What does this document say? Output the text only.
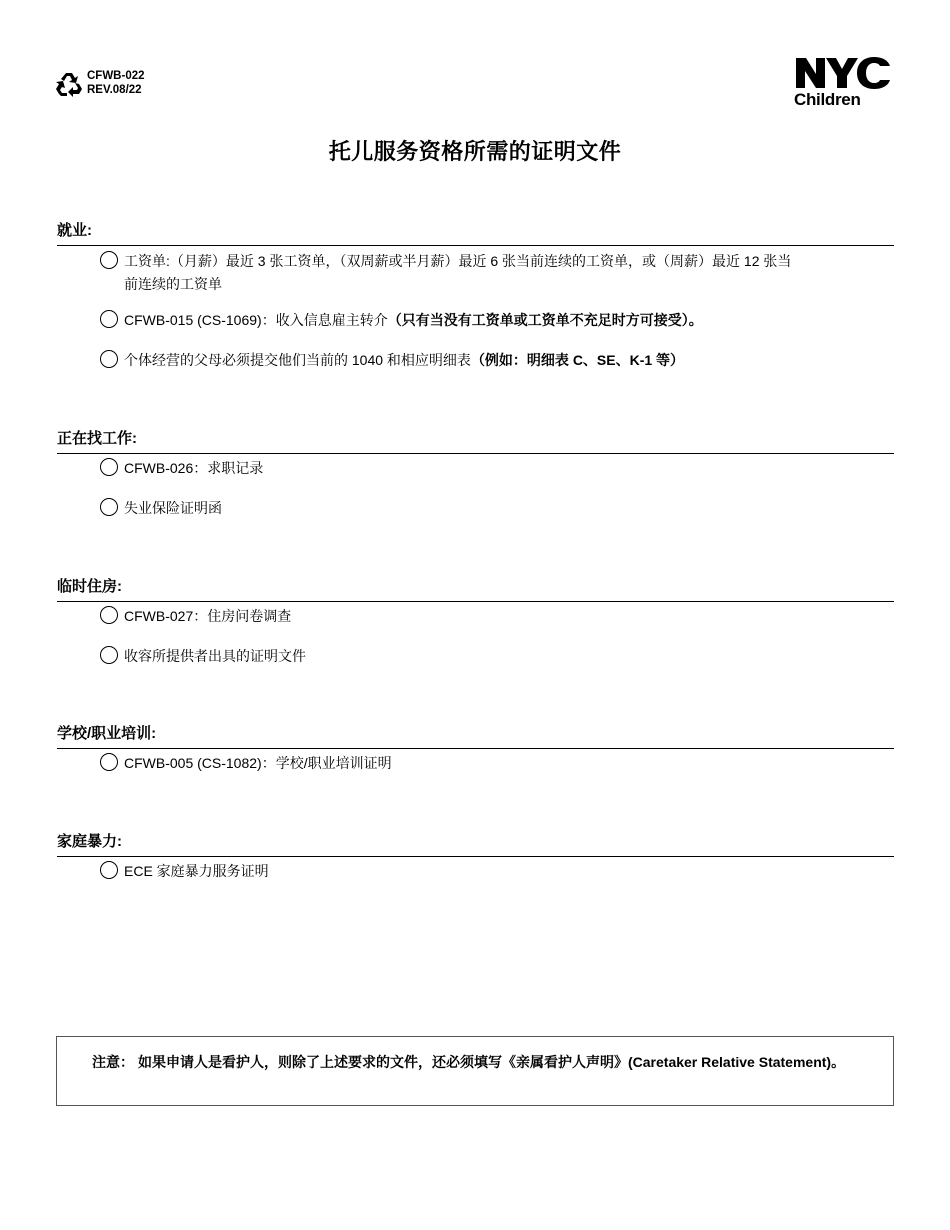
CFWB-022
REV.08/22	Children
托儿服务资格所需的证明文件
就业:
工资单:（月薪）最近 3 张工资单，（双周薪或半月薪）最近 6 张当前连续的工资单，或（周薪）最近 12 张当前连续的工资单
CFWB-015 (CS-1069)：收入信息雇主转介（只有当没有工资单或工资单不充足时方可接受）。
个体经营的父母必须提交他们当前的 1040 和相应明细表（例如：明细表 C、SE、K-1 等）
正在找工作:
CFWB-026：求职记录
失业保险证明函
临时住房:
CFWB-027：住房问卷调查
收容所提供者出具的证明文件
学校/职业培训:
CFWB-005 (CS-1082)：学校/职业培训证明
家庭暴力:
ECE 家庭暴力服务证明
注意： 如果申请人是看护人，则除了上述要求的文件，还必须填写《亲属看护人声明》(Caretaker Relative Statement)。
